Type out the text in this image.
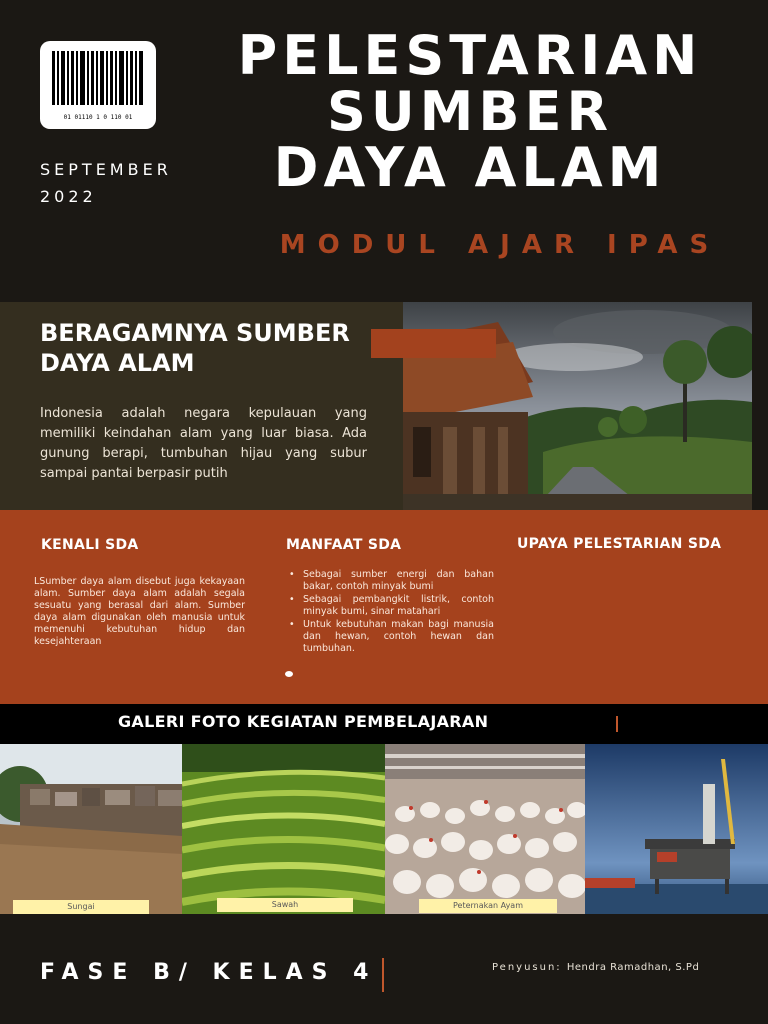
01 01110 1 0 110 01
SEPTEMBER
2022
PELESTARIAN
SUMBER
DAYA ALAM
MODUL AJAR IPAS
BERAGAMNYA SUMBER DAYA ALAM
Indonesia adalah negara kepulauan yang memiliki keindahan alam yang luar biasa. Ada gunung berapi, tumbuhan hijau yang subur sampai pantai berpasir putih
KENALI SDA
LSumber daya alam disebut juga kekayaan alam. Sumber daya alam adalah segala sesuatu yang berasal dari alam. Sumber daya alam digunakan oleh manusia untuk memenuhi kebutuhan hidup dan kesejahteraan
MANFAAT SDA
• Sebagai sumber energi dan bahan bakar, contoh minyak bumi
• Sebagai pembangkit listrik, contoh minyak bumi, sinar matahari
• Untuk kebutuhan makan bagi manusia dan hewan, contoh hewan dan tumbuhan.
UPAYA PELESTARIAN SDA
GALERI FOTO KEGIATAN PEMBELAJARAN
Sungai	Sawah	Peternakan Ayam
FASE B/ KELAS 4	Penyusun: Hendra Ramadhan, S.Pd
